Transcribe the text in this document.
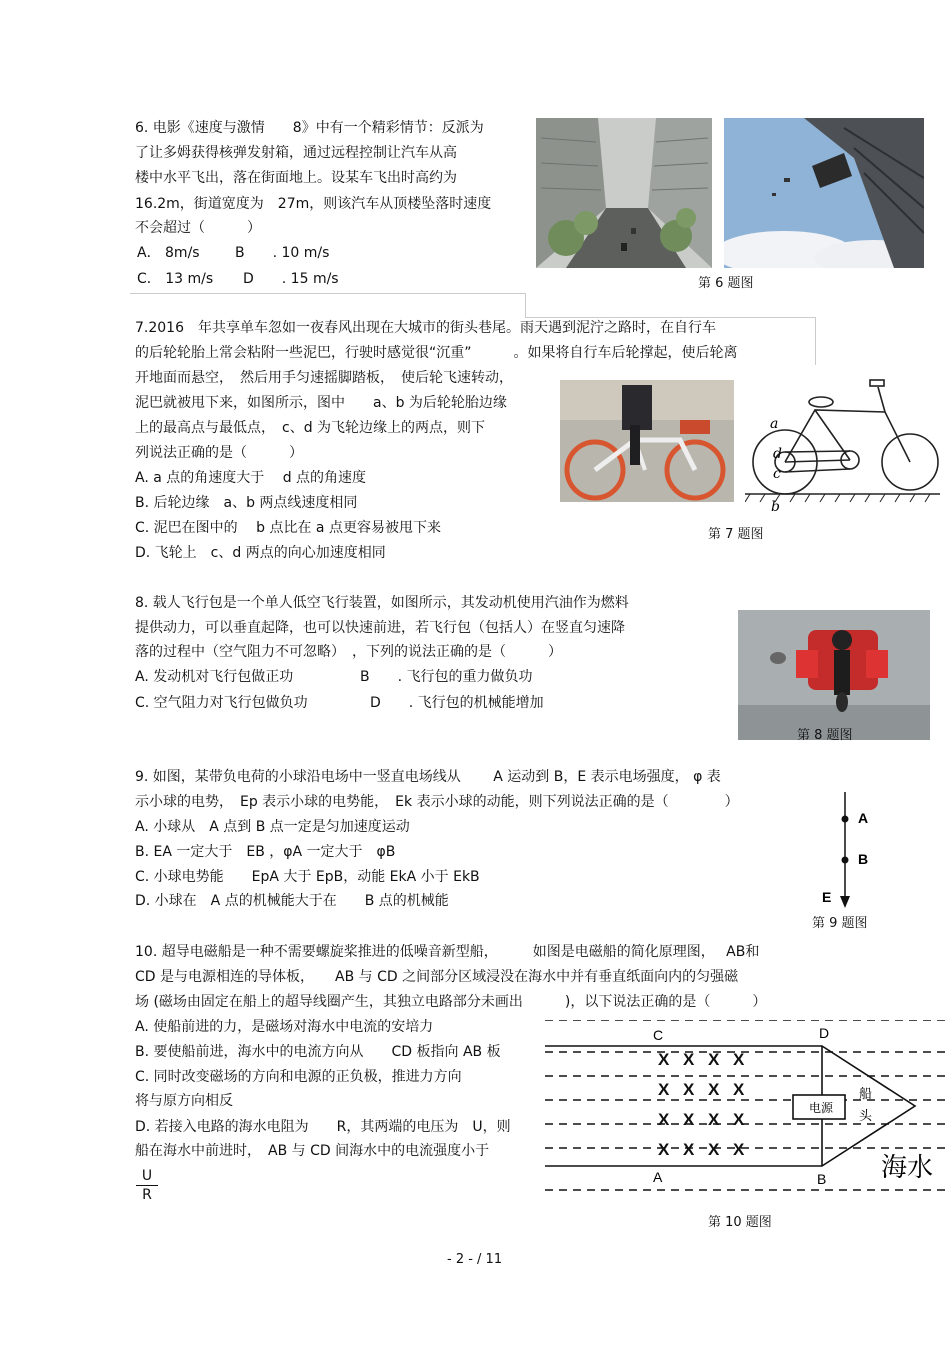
6. 电影《速度与激情　　8》中有一个精彩情节：反派为
了让多姆获得核弹发射箱，通过远程控制让汽车从高
楼中水平飞出，落在街面地上。设某车飞出时高约为
16.2m，街道宽度为　27m，则该汽车从顶楼坠落时速度
不会超过（　　　）
A． 8m/s	B　　. 10 m/s
C． 13 m/s D　　. 15 m/s	第 6 题图
7.2016　年共享单车忽如一夜春风出现在大城市的街头巷尾。雨天遇到泥泞之路时，在自行车
的后轮轮胎上常会粘附一些泥巴，行驶时感觉很“沉重”　　　。如果将自行车后轮撑起，使后轮离
开地面而悬空，　然后用手匀速摇脚踏板，　使后轮飞速转动，
泥巴就被甩下来，如图所示，图中　　a、b 为后轮轮胎边缘
上的最高点与最低点，　c、d 为飞轮边缘上的两点，则下
列说法正确的是（　　　）
A. a 点的角速度大于　 d 点的角速度
B. 后轮边缘　a、b 两点线速度相同
C. 泥巴在图中的　 b 点比在 a 点更容易被甩下来
D. 飞轮上　c、d 两点的向心加速度相同
a
d
c
b
第 7 题图
8. 载人飞行包是一个单人低空飞行装置，如图所示，其发动机使用汽油作为燃料
提供动力，可以垂直起降，也可以快速前进，若飞行包（包括人）在竖直匀速降
落的过程中（空气阻力不可忽略）　，下列的说法正确的是（　　　）
A. 发动机对飞行包做正功	B　　. 飞行包的重力做负功
C. 空气阻力对飞行包做负功	D　　. 飞行包的机械能增加
第 8 题图
9. 如图，某带负电荷的小球沿电场中一竖直电场线从　　 A 运动到 B，E 表示电场强度， φ 表
示小球的电势，　Ep 表示小球的电势能，　Ek 表示小球的动能，则下列说法正确的是（　　　　）
A. 小球从　A 点到 B 点一定是匀加速度运动
B. EA 一定大于　EB ，φA 一定大于　φB
C. 小球电势能　　EpA 大于 EpB，动能 EkA 小于 EkB
D. 小球在　A 点的机械能大于在　　B 点的机械能
A
B
E
第 9 题图
10. 超导电磁船是一种不需要螺旋桨推进的低噪音新型船，　　　如图是电磁船的简化原理图，　 AB和
CD 是与电源相连的导体板，　　AB 与 CD 之间部分区域浸没在海水中并有垂直纸面向内的匀强磁
场 (磁场由固定在船上的超导线圈产生，其独立电路部分未画出　　　)，以下说法正确的是（　　　）
A. 使船前进的力，是磁场对海水中电流的安培力
B. 要使船前进，海水中的电流方向从　　CD 板指向 AB 板
C. 同时改变磁场的方向和电源的正负极，推进力方向
将与原方向相反
D. 若接入电路的海水电阻为　　R，其两端的电压为　U，则
船在海水中前进时，　AB 与 CD 间海水中的电流强度小于
U
R
X X X X
X X X X
X X X X
X X X X
C	D
A	B
电源
船
头
海水
第 10 题图
- 2 - / 11
